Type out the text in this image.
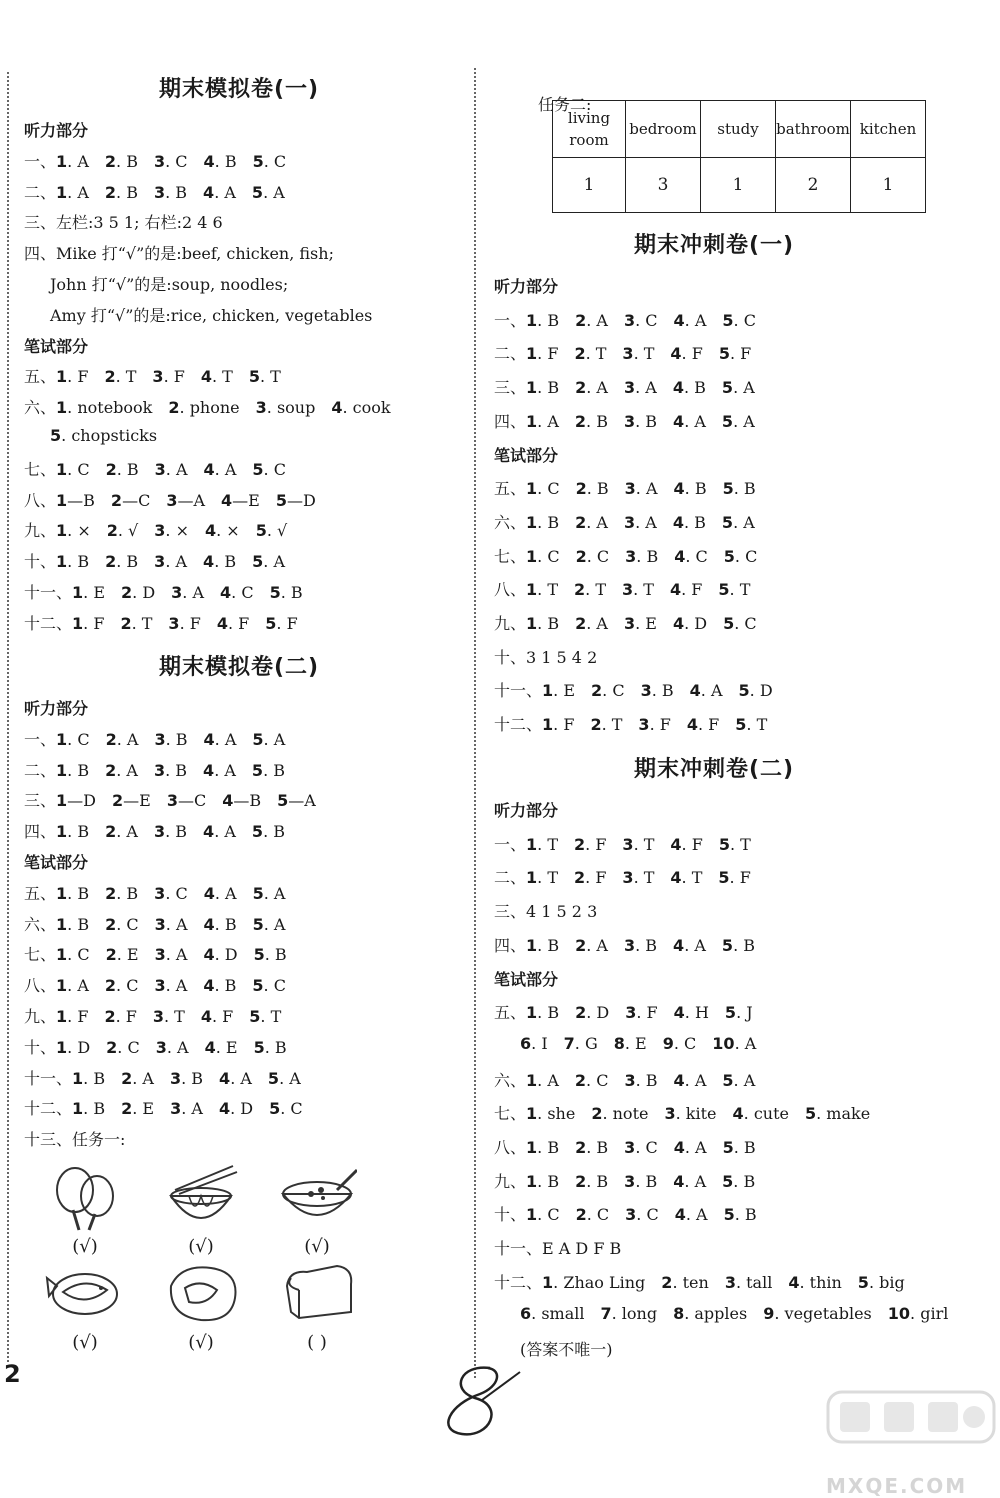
期末模拟卷(一)
听力部分
一、1. A 2. B 3. C 4. B 5. C
二、1. A 2. B 3. B 4. A 5. A
三、左栏:3 5 1; 右栏:2 4 6
四、Mike 打“√”的是:beef, chicken, fish;
John 打“√”的是:soup, noodles;
Amy 打“√”的是:rice, chicken, vegetables
笔试部分
五、1. F 2. T 3. F 4. T 5. T
六、1. notebook 2. phone 3. soup 4. cook
5. chopsticks
七、1. C 2. B 3. A 4. A 5. C
八、1—B 2—C 3—A 4—E 5—D
九、1. × 2. √ 3. × 4. × 5. √
十、1. B 2. B 3. A 4. B 5. A
十一、1. E 2. D 3. A 4. C 5. B
十二、1. F 2. T 3. F 4. F 5. F
期末模拟卷(二)
听力部分
一、1. C 2. A 3. B 4. A 5. A
二、1. B 2. A 3. B 4. A 5. B
三、1—D 2—E 3—C 4—B 5—A
四、1. B 2. A 3. B 4. A 5. B
笔试部分
五、1. B 2. B 3. C 4. A 5. A
六、1. B 2. C 3. A 4. B 5. A
七、1. C 2. E 3. A 4. D 5. B
八、1. A 2. C 3. A 4. B 5. C
九、1. F 2. F 3. T 4. F 5. T
十、1. D 2. C 3. A 4. E 5. B
十一、1. B 2. A 3. B 4. A 5. A
十二、1. B 2. E 3. A 4. D 5. C
十三、任务一:
任务二:
living
room	bedroom	study	bathroom	kitchen
1	3	1	2	1
期末冲刺卷(一)
听力部分
一、1. B 2. A 3. C 4. A 5. C
二、1. F 2. T 3. T 4. F 5. F
三、1. B 2. A 3. A 4. B 5. A
四、1. A 2. B 3. B 4. A 5. A
笔试部分
五、1. C 2. B 3. A 4. B 5. B
六、1. B 2. A 3. A 4. B 5. A
七、1. C 2. C 3. B 4. C 5. C
八、1. T 2. T 3. T 4. F 5. T
九、1. B 2. A 3. E 4. D 5. C
十、3 1 5 4 2
十一、1. E 2. C 3. B 4. A 5. D
十二、1. F 2. T 3. F 4. F 5. T
期末冲刺卷(二)
听力部分
一、1. T 2. F 3. T 4. F 5. T
二、1. T 2. F 3. T 4. T 5. F
三、4 1 5 2 3
四、1. B 2. A 3. B 4. A 5. B
笔试部分
五、1. B 2. D 3. F 4. H 5. J
6. I 7. G 8. E 9. C 10. A
六、1. A 2. C 3. B 4. A 5. A
七、1. she 2. note 3. kite 4. cute 5. make
八、1. B 2. B 3. C 4. A 5. B
九、1. B 2. B 3. B 4. A 5. B
十、1. C 2. C 3. C 4. A 5. B
十一、E A D F B
十二、1. Zhao Ling 2. ten 3. tall 4. thin 5. big
6. small 7. long 8. apples 9. vegetables 10. girl
(答案不唯一)
(√)	(√)	(√)
(√)	(√)	( )
2
MXQE.COM
